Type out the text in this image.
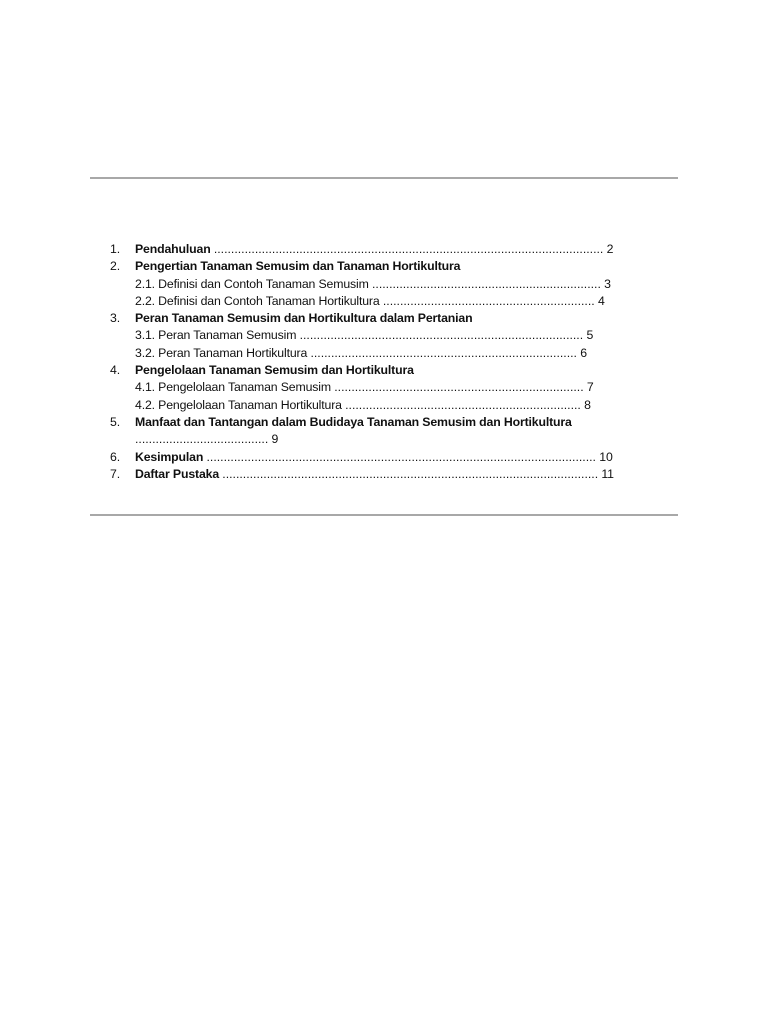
1. Pendahuluan .................................................................................................................. 2
2. Pengertian Tanaman Semusim dan Tanaman Hortikultura
2.1. Definisi dan Contoh Tanaman Semusim ................................................................... 3
2.2. Definisi dan Contoh Tanaman Hortikultura .............................................................. 4
3. Peran Tanaman Semusim dan Hortikultura dalam Pertanian
3.1. Peran Tanaman Semusim ................................................................................... 5
3.2. Peran Tanaman Hortikultura .............................................................................. 6
4. Pengelolaan Tanaman Semusim dan Hortikultura
4.1. Pengelolaan Tanaman Semusim ......................................................................... 7
4.2. Pengelolaan Tanaman Hortikultura ..................................................................... 8
5. Manfaat dan Tantangan dalam Budidaya Tanaman Semusim dan Hortikultura
....................................... 9
6. Kesimpulan .................................................................................................................. 10
7. Daftar Pustaka .............................................................................................................. 11
